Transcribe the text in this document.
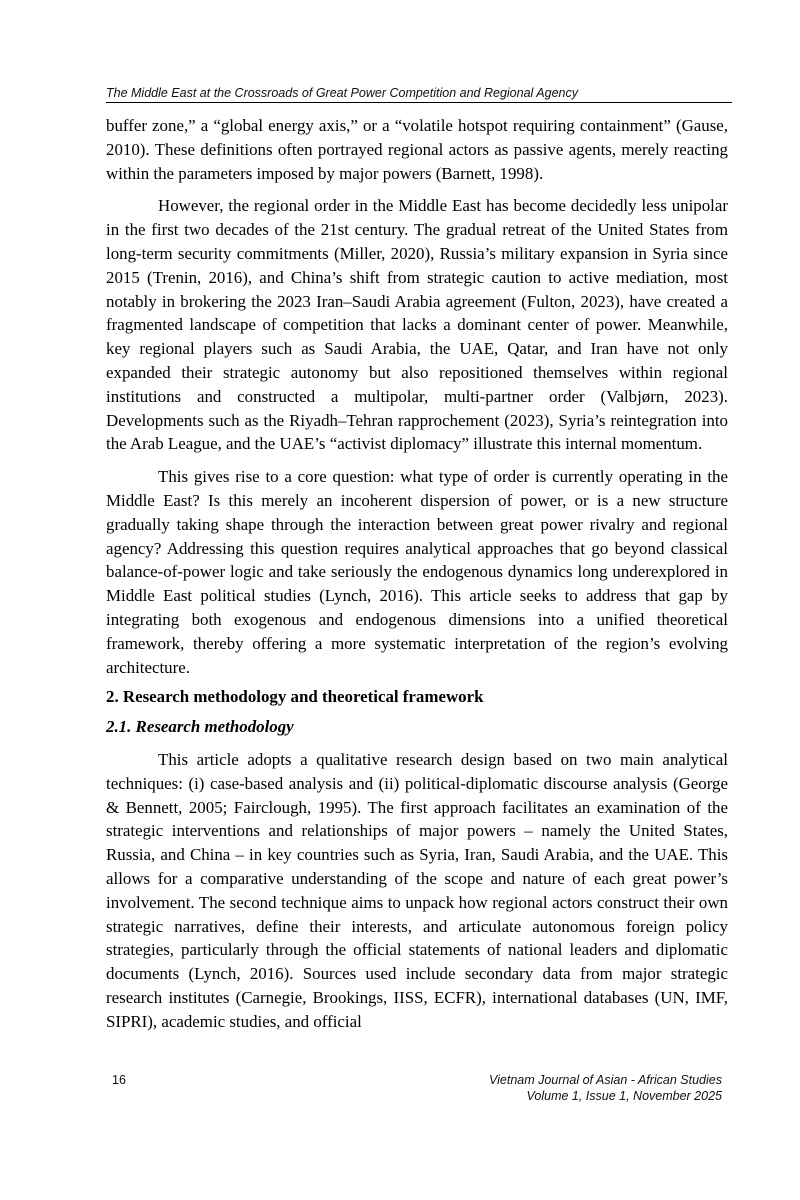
The Middle East at the Crossroads of Great Power Competition and Regional Agency

buffer zone,” a “global energy axis,” or a “volatile hotspot requiring containment” (Gause, 2010). These definitions often portrayed regional actors as passive agents, merely reacting within the parameters imposed by major powers (Barnett, 1998).

However, the regional order in the Middle East has become decidedly less unipolar in the first two decades of the 21st century. The gradual retreat of the United States from long-term security commitments (Miller, 2020), Russia’s military expansion in Syria since 2015 (Trenin, 2016), and China’s shift from strategic caution to active mediation, most notably in brokering the 2023 Iran–Saudi Arabia agreement (Fulton, 2023), have created a fragmented landscape of competition that lacks a dominant center of power. Meanwhile, key regional players such as Saudi Arabia, the UAE, Qatar, and Iran have not only expanded their strategic autonomy but also repositioned themselves within regional institutions and constructed a multipolar, multi-partner order (Valbjørn, 2023). Developments such as the Riyadh–Tehran rapprochement (2023), Syria’s reintegration into the Arab League, and the UAE’s “activist diplomacy” illustrate this internal momentum.

This gives rise to a core question: what type of order is currently operating in the Middle East? Is this merely an incoherent dispersion of power, or is a new structure gradually taking shape through the interaction between great power rivalry and regional agency? Addressing this question requires analytical approaches that go beyond classical balance-of-power logic and take seriously the endogenous dynamics long underexplored in Middle East political studies (Lynch, 2016). This article seeks to address that gap by integrating both exogenous and endogenous dimensions into a unified theoretical framework, thereby offering a more systematic interpretation of the region’s evolving architecture.

2. Research methodology and theoretical framework
2.1. Research methodology

This article adopts a qualitative research design based on two main analytical techniques: (i) case-based analysis and (ii) political-diplomatic discourse analysis (George & Bennett, 2005; Fairclough, 1995). The first approach facilitates an examination of the strategic interventions and relationships of major powers – namely the United States, Russia, and China – in key countries such as Syria, Iran, Saudi Arabia, and the UAE. This allows for a comparative understanding of the scope and nature of each great power’s involvement. The second technique aims to unpack how regional actors construct their own strategic narratives, define their interests, and articulate autonomous foreign policy strategies, particularly through the official statements of national leaders and diplomatic documents (Lynch, 2016). Sources used include secondary data from major strategic research institutes (Carnegie, Brookings, IISS, ECFR), international databases (UN, IMF, SIPRI), academic studies, and official

16	Vietnam Journal of Asian - African Studies
Volume 1, Issue 1, November 2025
